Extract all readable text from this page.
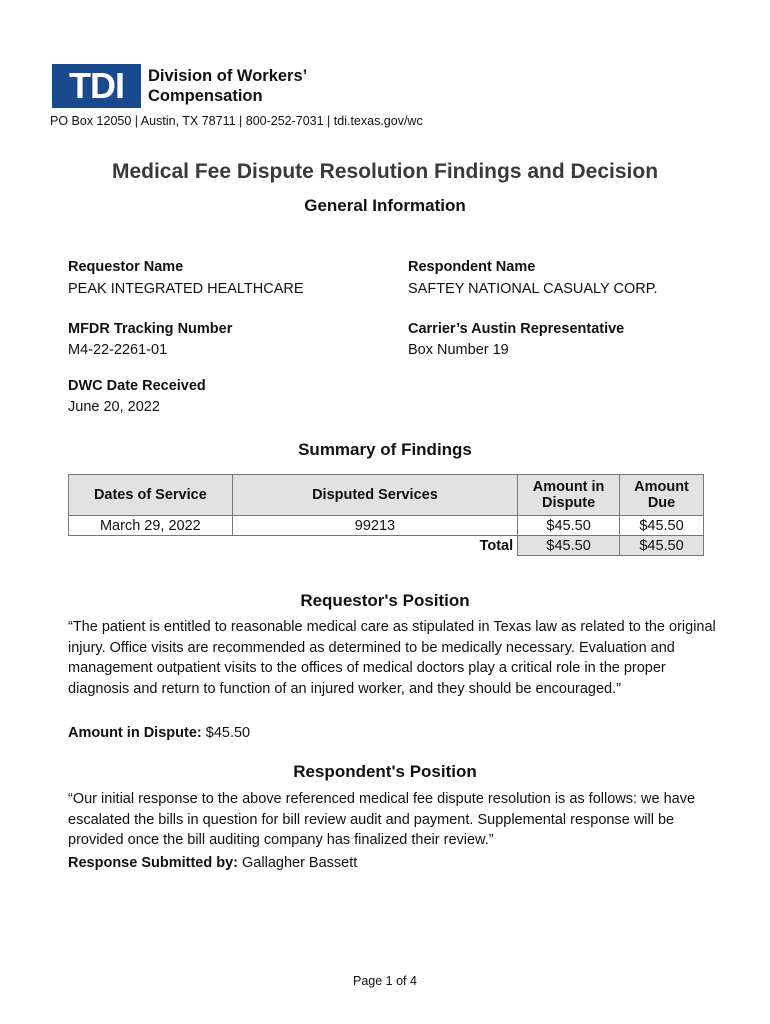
TDI	Division of Workers’
Compensation
PO Box 12050 | Austin, TX 78711 | 800-252-7031 | tdi.texas.gov/wc
Medical Fee Dispute Resolution Findings and Decision
General Information
Requestor Name
PEAK INTEGRATED HEALTHCARE
Respondent Name
SAFTEY NATIONAL CASUALY CORP.
MFDR Tracking Number
M4-22-2261-01
Carrier’s Austin Representative
Box Number 19
DWC Date Received
June 20, 2022
Summary of Findings
Dates of Service	Disputed Services	Amount in Dispute	Amount Due
March 29, 2022	99213	$45.50	$45.50
	Total	$45.50	$45.50
Requestor's Position
“The patient is entitled to reasonable medical care as stipulated in Texas law as related to the original injury. Office visits are recommended as determined to be medically necessary. Evaluation and management outpatient visits to the offices of medical doctors play a critical role in the proper diagnosis and return to function of an injured worker, and they should be encouraged.”
Amount in Dispute: $45.50
Respondent's Position
“Our initial response to the above referenced medical fee dispute resolution is as follows: we have escalated the bills in question for bill review audit and payment. Supplemental response will be provided once the bill auditing company has finalized their review.”
Response Submitted by: Gallagher Bassett
Page 1 of 4
